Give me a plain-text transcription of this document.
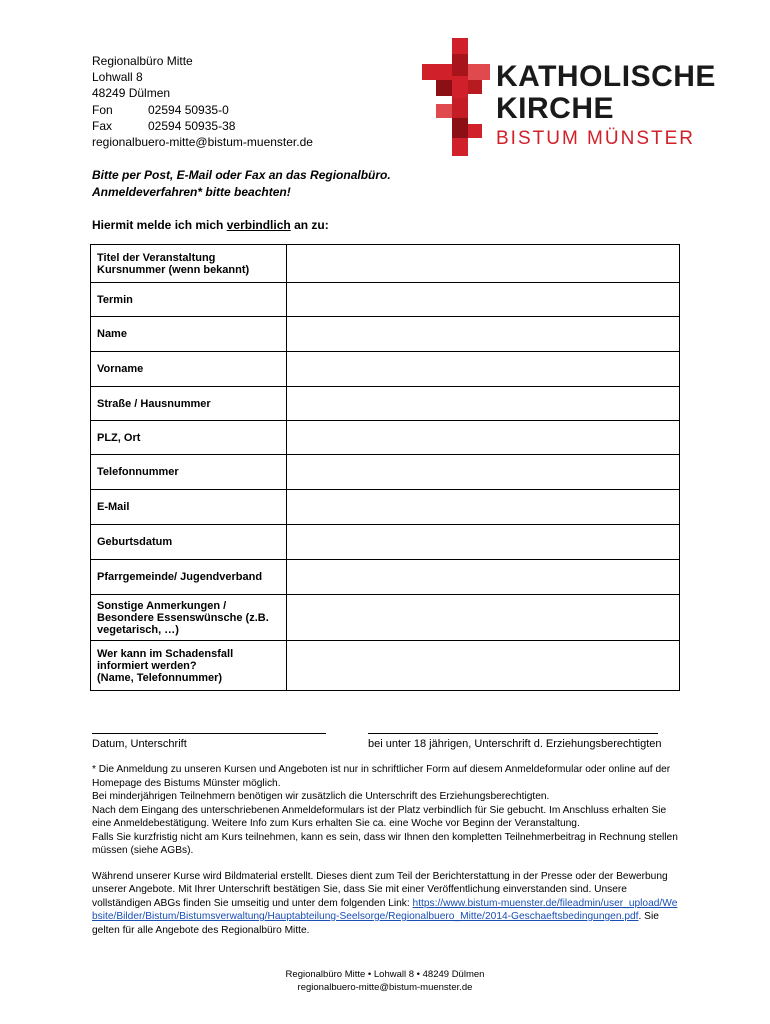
Regionalbüro Mitte
Lohwall 8
48249 Dülmen
Fon	02594 50935-0
Fax	02594 50935-38
regionalbuero-mitte@bistum-muenster.de
KATHOLISCHE
KIRCHE
BISTUM MÜNSTER
Bitte per Post, E-Mail oder Fax an das Regionalbüro.
Anmeldeverfahren* bitte beachten!
Hiermit melde ich mich verbindlich an zu:
Titel der Veranstaltung
Kursnummer (wenn bekannt)	
Termin	
Name	
Vorname	
Straße / Hausnummer	
PLZ, Ort	
Telefonnummer	
E-Mail	
Geburtsdatum	
Pfarrgemeinde/ Jugendverband	
Sonstige Anmerkungen /
Besondere Essenswünsche (z.B.
vegetarisch, …)	
Wer kann im Schadensfall
informiert werden?
(Name, Telefonnummer)	
Datum, Unterschrift	bei unter 18 jährigen, Unterschrift d. Erziehungsberechtigten

* Die Anmeldung zu unseren Kursen und Angeboten ist nur in schriftlicher Form auf diesem Anmeldeformular oder online auf der Homepage des Bistums Münster möglich.

Bei minderjährigen Teilnehmern benötigen wir zusätzlich die Unterschrift des Erziehungsberechtigten.

Nach dem Eingang des unterschriebenen Anmeldeformulars ist der Platz verbindlich für Sie gebucht. Im Anschluss erhalten Sie eine Anmeldebestätigung. Weitere Info zum Kurs erhalten Sie ca. eine Woche vor Beginn der Veranstaltung.

Falls Sie kurzfristig nicht am Kurs teilnehmen, kann es sein, dass wir Ihnen den kompletten Teilnehmerbeitrag in Rechnung stellen müssen (siehe AGBs).

Während unserer Kurse wird Bildmaterial erstellt. Dieses dient zum Teil der Berichterstattung in der Presse oder der Bewerbung unserer Angebote. Mit Ihrer Unterschrift bestätigen Sie, dass Sie mit einer Veröffentlichung einverstanden sind. Unsere vollständigen ABGs finden Sie umseitig und unter dem folgenden Link: https://www.bistum-muenster.de/fileadmin/user_upload/Website/Bilder/Bistum/Bistumsverwaltung/Hauptabteilung-Seelsorge/Regionalbuero_Mitte/2014-Geschaeftsbedingungen.pdf. Sie gelten für alle Angebote des Regionalbüro Mitte.

Regionalbüro Mitte • Lohwall 8 • 48249 Dülmen
regionalbuero-mitte@bistum-muenster.de
